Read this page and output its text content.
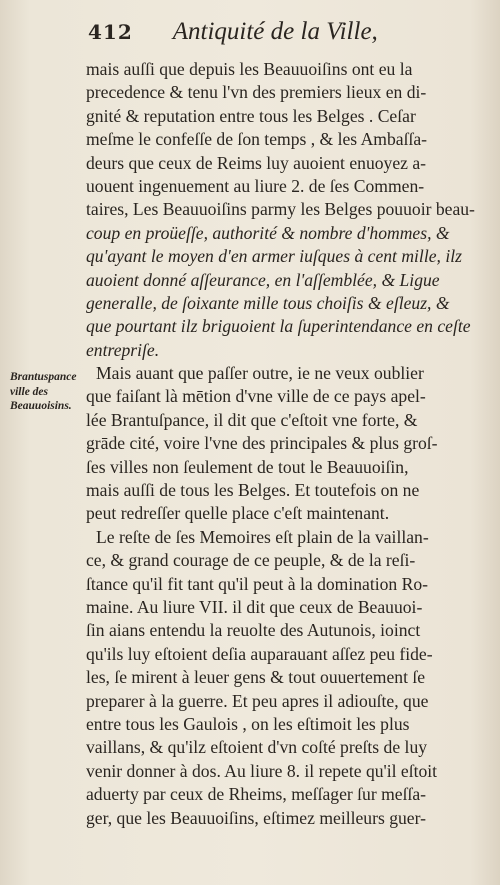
412 Antiquité de la Ville,
Brantuspance ville des Beauuoisins.
mais auſſi que depuis les Beauuoiſins ont eu la
precedence & tenu l'vn des premiers lieux en di-
gnité & reputation entre tous les Belges . Ceſar
meſme le confeſſe de ſon temps , & les Ambaſſa-
deurs que ceux de Reims luy auoient enuoyez a-
uouent ingenuement au liure 2. de ſes Commen-
taires, Les Beauuoiſins parmy les Belges pouuoir beau-
coup en proüeſſe, authorité & nombre d'hommes, &
qu'ayant le moyen d'en armer iuſques à cent mille, ilz
auoient donné aſſeurance, en l'aſſemblée, & Ligue
generalle, de ſoixante mille tous choiſis & eſleuz, &
que pourtant ilz briguoient la ſuperintendance en ceſte
entrepriſe.
Mais auant que paſſer outre, ie ne veux oublier
que faiſant là mētion d'vne ville de ce pays apel-
lée Brantuſpance, il dit que c'eſtoit vne forte, &
grāde cité, voire l'vne des principales & plus groſ-
ſes villes non ſeulement de tout le Beauuoiſin,
mais auſſi de tous les Belges. Et toutefois on ne
peut redreſſer quelle place c'eſt maintenant.
Le reſte de ſes Memoires eſt plain de la vaillan-
ce, & grand courage de ce peuple, & de la reſi-
ſtance qu'il fit tant qu'il peut à la domination Ro-
maine. Au liure VII. il dit que ceux de Beauuoi-
ſin aians entendu la reuolte des Autunois, ioinct
qu'ils luy eſtoient deſia auparauant aſſez peu fide-
les, ſe mirent à leuer gens & tout ouuertement ſe
preparer à la guerre. Et peu apres il adiouſte, que
entre tous les Gaulois , on les eſtimoit les plus
vaillans, & qu'ilz eſtoient d'vn coſté preſts de luy
venir donner à dos. Au liure 8. il repete qu'il eſtoit
aduerty par ceux de Rheims, meſſager ſur meſſa-
ger, que les Beauuoiſins, eſtimez meilleurs guer-
